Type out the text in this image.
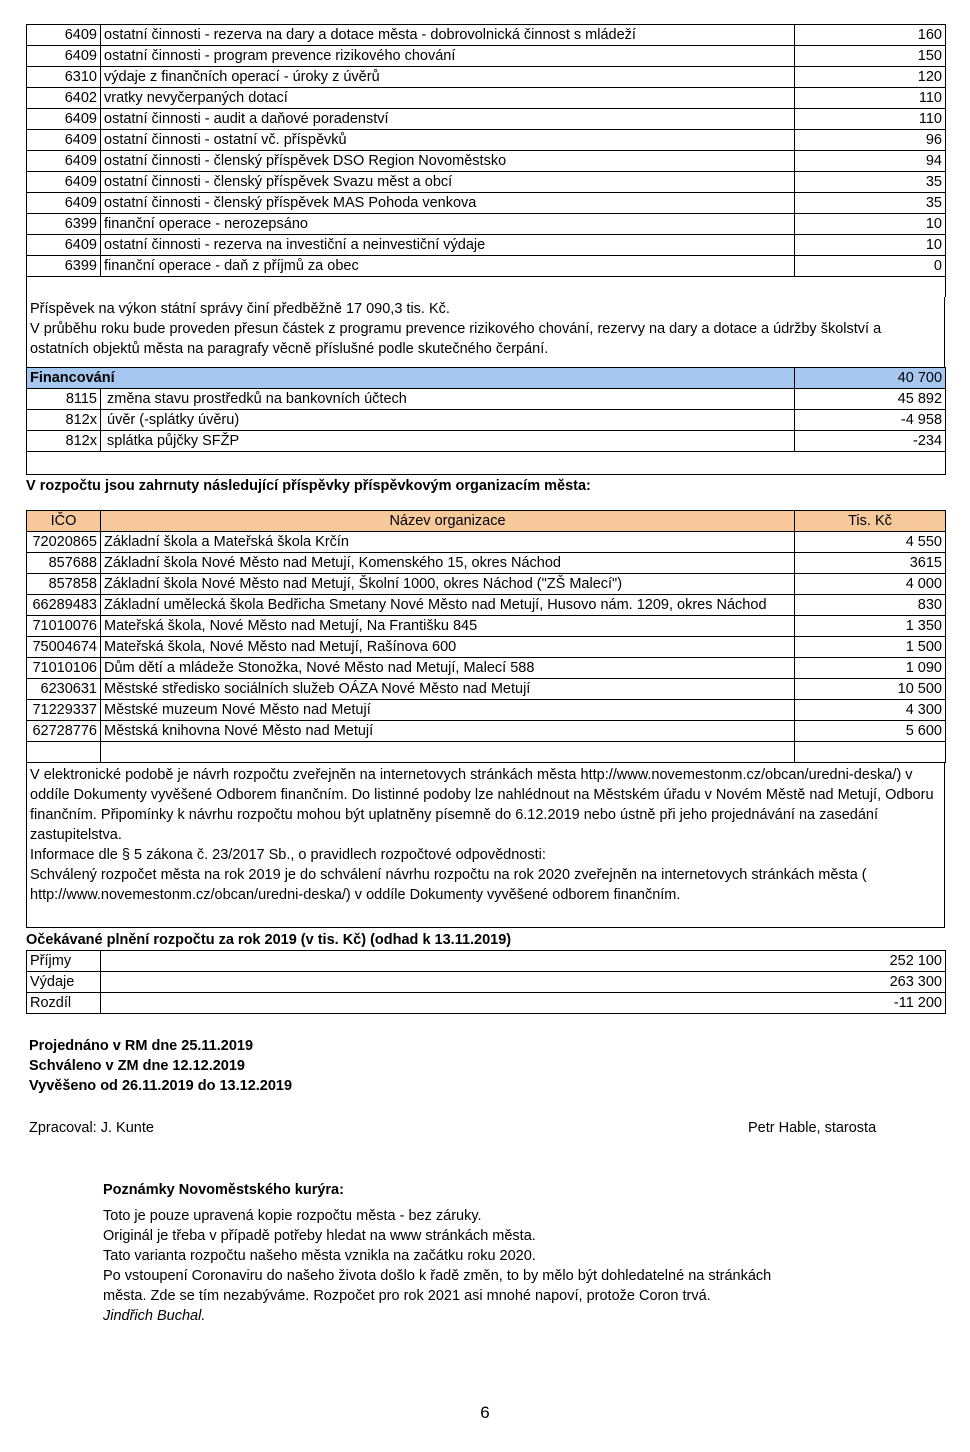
6409	ostatní činnosti - rezerva na dary a dotace města - dobrovolnická činnost s mládeží	160
6409	ostatní činnosti - program prevence rizikového chování	150
6310	výdaje z finančních operací - úroky z úvěrů	120
6402	vratky nevyčerpaných dotací	110
6409	ostatní činnosti - audit a daňové poradenství	110
6409	ostatní činnosti - ostatní vč. příspěvků	96
6409	ostatní činnosti - členský příspěvek DSO Region Novoměstsko	94
6409	ostatní činnosti - členský příspěvek Svazu měst a obcí	35
6409	ostatní činnosti - členský příspěvek MAS Pohoda venkova	35
6399	finanční operace - nerozepsáno	10
6409	ostatní činnosti - rezerva na investiční a neinvestiční výdaje	10
6399	finanční operace - daň z příjmů za obec	0

Příspěvek na výkon státní správy činí předběžně 17 090,3 tis. Kč.
V průběhu roku bude proveden přesun částek z programu prevence rizikového chování, rezervy na dary a dotace a údržby školství a ostatních objektů města na paragrafy věcně příslušné podle skutečného čerpání.
Financování		40 700
8115	změna stavu prostředků na bankovních účtech	45 892
812x	úvěr (-splátky úvěru)	-4 958
812x	splátka půjčky SFŽP	-234

V rozpočtu jsou zahrnuty následující příspěvky příspěvkovým organizacím města:
IČO	Název organizace	Tis. Kč
72020865	Základní škola a Mateřská škola Krčín	4 550
857688	Základní škola Nové Město nad Metují, Komenského 15, okres Náchod	3615
857858	Základní škola Nové Město nad Metují, Školní 1000, okres Náchod ("ZŠ Malecí")	4 000
66289483	Základní umělecká škola Bedřicha Smetany Nové Město nad Metují, Husovo nám. 1209, okres Náchod	830
71010076	Mateřská škola, Nové Město nad Metují, Na Františku 845	1 350
75004674	Mateřská škola, Nové Město nad Metují, Rašínova 600	1 500
71010106	Dům dětí a mládeže Stonožka, Nové Město nad Metují, Malecí 588	1 090
6230631	Městské středisko sociálních služeb OÁZA Nové Město nad Metují	10 500
71229337	Městské muzeum Nové Město nad Metují	4 300
62728776	Městská knihovna Nové Město nad Metují	5 600

V elektronické podobě je návrh rozpočtu zveřejněn na internetovych stránkách města http://www.novemestonm.cz/obcan/uredni-deska/) v oddíle Dokumenty vyvěšené Odborem finančním. Do listinné podoby lze nahlédnout na Městském úřadu v Novém Městě nad Metují, Odboru finančním. Připomínky k návrhu rozpočtu mohou být uplatněny písemně do 6.12.2019 nebo ústně při jeho projednávání na zasedání zastupitelstva.
Informace dle § 5 zákona č. 23/2017 Sb., o pravidlech rozpočtové odpovědnosti:
Schválený rozpočet města na rok 2019 je do schválení návrhu rozpočtu na rok 2020 zveřejněn na internetovych stránkách města ( http://www.novemestonm.cz/obcan/uredni-deska/) v oddíle Dokumenty vyvěšené odborem finančním.
Očekávané plnění rozpočtu za rok 2019 (v tis. Kč) (odhad k 13.11.2019)
Příjmy	252 100
Výdaje	263 300
Rozdíl	-11 200
Projednáno v RM dne 25.11.2019
Schváleno v ZM dne 12.12.2019
Vyvěšeno od 26.11.2019 do 13.12.2019
Zpracoval: J. Kunte	Petr Hable, starosta

Poznámky Novoměstského kurýra:

Toto je pouze upravená kopie rozpočtu města - bez záruky.

Originál je třeba v případě potřeby hledat na www stránkách města.

Tato varianta rozpočtu našeho města vznikla na začátku roku 2020.

Po vstoupení Coronaviru do našeho života došlo k řadě změn, to by mělo být dohledatelné na stránkách města. Zde se tím nezabýváme. Rozpočet pro rok 2021 asi mnohé napoví, protože Coron trvá.

Jindřich Buchal.

6
